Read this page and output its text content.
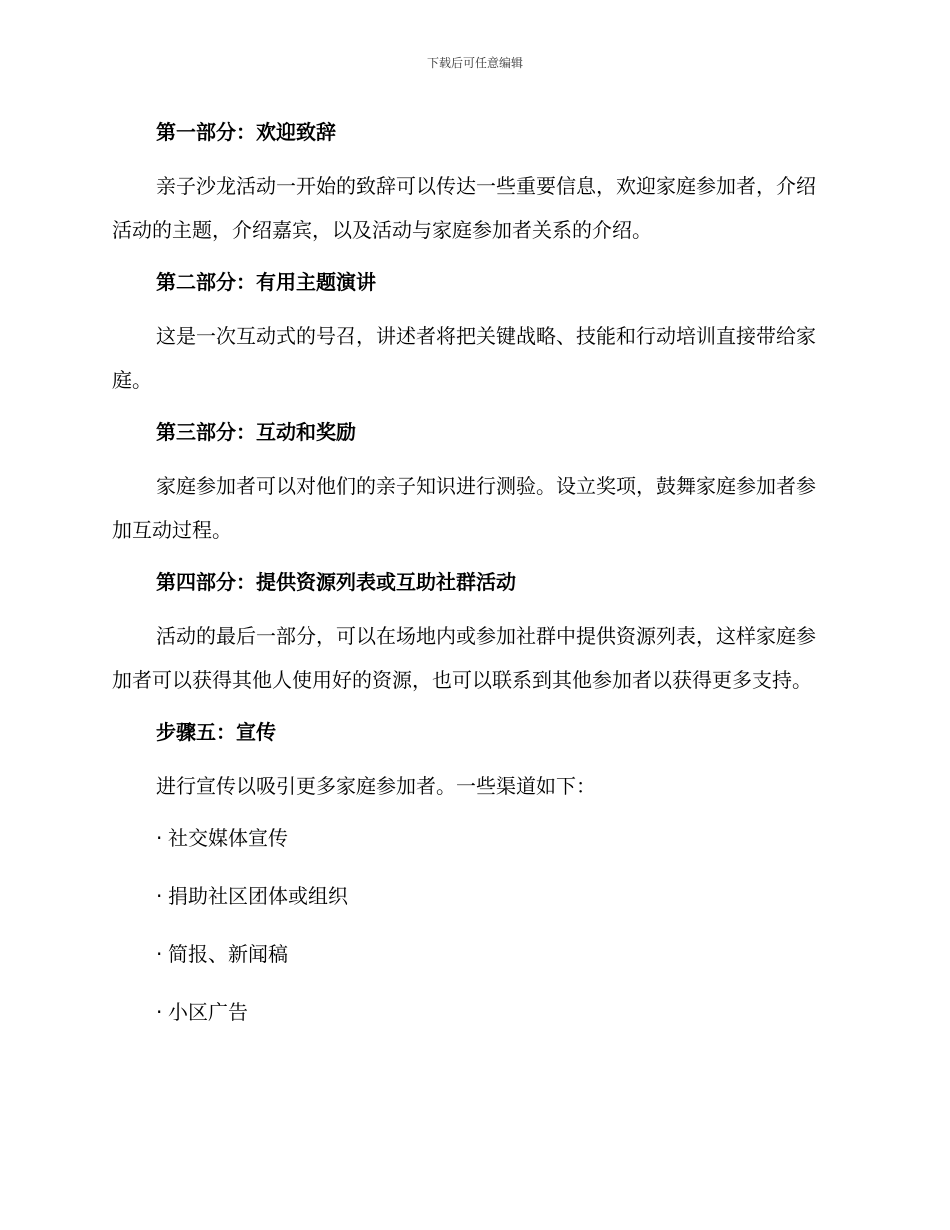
下载后可任意编辑
第一部分：欢迎致辞

亲子沙龙活动一开始的致辞可以传达一些重要信息，欢迎家庭参加者，介绍活动的主题，介绍嘉宾，以及活动与家庭参加者关系的介绍。

第二部分：有用主题演讲

这是一次互动式的号召，讲述者将把关键战略、技能和行动培训直接带给家庭。

第三部分：互动和奖励

家庭参加者可以对他们的亲子知识进行测验。设立奖项，鼓舞家庭参加者参加互动过程。

第四部分：提供资源列表或互助社群活动

活动的最后一部分，可以在场地内或参加社群中提供资源列表，这样家庭参加者可以获得其他人使用好的资源，也可以联系到其他参加者以获得更多支持。

步骤五：宣传

进行宣传以吸引更多家庭参加者。一些渠道如下：

· 社交媒体宣传
· 捐助社区团体或组织
· 简报、新闻稿
· 小区广告
